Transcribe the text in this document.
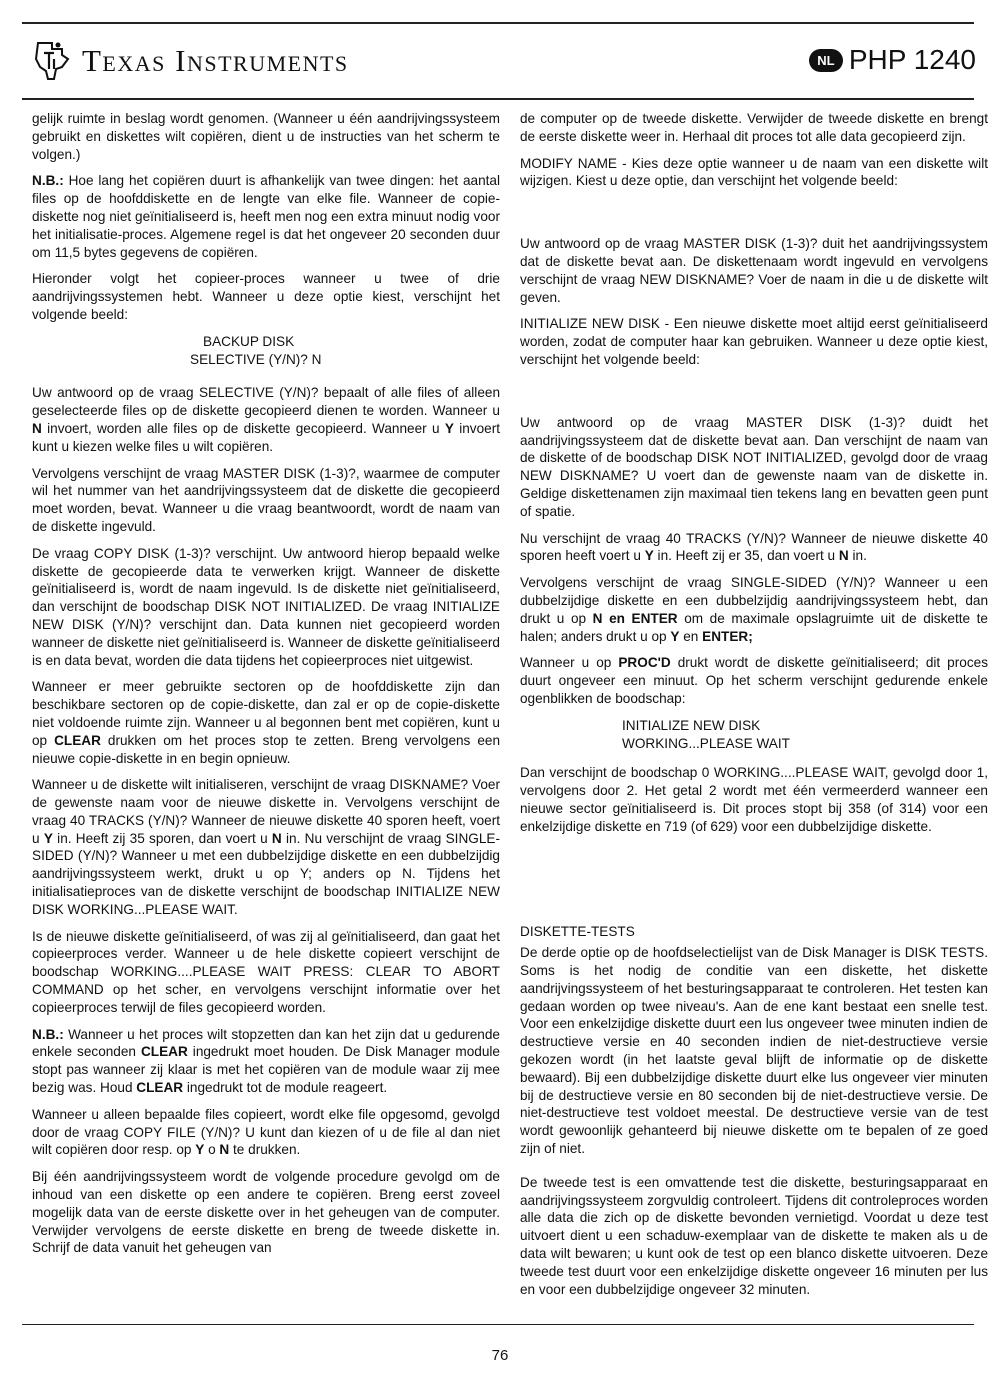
Texas Instruments	NL PHP 1240

gelijk ruimte in beslag wordt genomen. (Wanneer u één aandrijvingssysteem gebruikt en diskettes wilt copiëren, dient u de instructies van het scherm te volgen.)

N.B.: Hoe lang het copiëren duurt is afhankelijk van twee dingen: het aantal files op de hoofddiskette en de lengte van elke file. Wanneer de copie-diskette nog niet geïnitialiseerd is, heeft men nog een extra minuut nodig voor het initialisatie-proces. Algemene regel is dat het ongeveer 20 seconden duur om 11,5 bytes gegevens de copiëren.

Hieronder volgt het copieer-proces wanneer u twee of drie aandrijvingssystemen hebt. Wanneer u deze optie kiest, verschijnt het volgende beeld:

BACKUP DISK
SELECTIVE (Y/N)? N

Uw antwoord op de vraag SELECTIVE (Y/N)? bepaalt of alle files of alleen geselecteerde files op de diskette gecopieerd dienen te worden. Wanneer u N invoert, worden alle files op de diskette gecopieerd. Wanneer u Y invoert kunt u kiezen welke files u wilt copiëren.

Vervolgens verschijnt de vraag MASTER DISK (1-3)?, waarmee de computer wil het nummer van het aandrijvingssysteem dat de diskette die gecopieerd moet worden, bevat. Wanneer u die vraag beantwoordt, wordt de naam van de diskette ingevuld.

De vraag COPY DISK (1-3)? verschijnt. Uw antwoord hierop bepaald welke diskette de gecopieerde data te verwerken krijgt. Wanneer de diskette geïnitialiseerd is, wordt de naam ingevuld. Is de diskette niet geïnitialiseerd, dan verschijnt de boodschap DISK NOT INITIALIZED. De vraag INITIALIZE NEW DISK (Y/N)? verschijnt dan. Data kunnen niet gecopieerd worden wanneer de diskette niet geïnitialiseerd is. Wanneer de diskette geïnitialiseerd is en data bevat, worden die data tijdens het copieerproces niet uitgewist.

Wanneer er meer gebruikte sectoren op de hoofddiskette zijn dan beschikbare sectoren op de copie-diskette, dan zal er op de copie-diskette niet voldoende ruimte zijn. Wanneer u al begonnen bent met copiëren, kunt u op CLEAR drukken om het proces stop te zetten. Breng vervolgens een nieuwe copie-diskette in en begin opnieuw.

Wanneer u de diskette wilt initialiseren, verschijnt de vraag DISKNAME? Voer de gewenste naam voor de nieuwe diskette in. Vervolgens verschijnt de vraag 40 TRACKS (Y/N)? Wanneer de nieuwe diskette 40 sporen heeft, voert u Y in. Heeft zij 35 sporen, dan voert u N in. Nu verschijnt de vraag SINGLE-SIDED (Y/N)? Wanneer u met een dubbelzijdige diskette en een dubbelzijdig aandrijvingssysteem werkt, drukt u op Y; anders op N. Tijdens het initialisatieproces van de diskette verschijnt de boodschap INITIALIZE NEW DISK WORKING...PLEASE WAIT.

Is de nieuwe diskette geïnitialiseerd, of was zij al geïnitialiseerd, dan gaat het copieerproces verder. Wanneer u de hele diskette copieert verschijnt de boodschap WORKING....PLEASE WAIT PRESS: CLEAR TO ABORT COMMAND op het scher, en vervolgens verschijnt informatie over het copieerproces terwijl de files gecopieerd worden.

N.B.: Wanneer u het proces wilt stopzetten dan kan het zijn dat u gedurende enkele seconden CLEAR ingedrukt moet houden. De Disk Manager module stopt pas wanneer zij klaar is met het copiëren van de module waar zij mee bezig was. Houd CLEAR ingedrukt tot de module reageert.

Wanneer u alleen bepaalde files copieert, wordt elke file opgesomd, gevolgd door de vraag COPY FILE (Y/N)? U kunt dan kiezen of u de file al dan niet wilt copiëren door resp. op Y o N te drukken.

Bij één aandrijvingssysteem wordt de volgende procedure gevolgd om de inhoud van een diskette op een andere te copiëren. Breng eerst zoveel mogelijk data van de eerste diskette over in het geheugen van de computer. Verwijder vervolgens de eerste diskette en breng de tweede diskette in. Schrijf de data vanuit het geheugen van

de computer op de tweede diskette. Verwijder de tweede diskette en brengt de eerste diskette weer in. Herhaal dit proces tot alle data gecopieerd zijn.

MODIFY NAME - Kies deze optie wanneer u de naam van een diskette wilt wijzigen. Kiest u deze optie, dan verschijnt het volgende beeld:

Uw antwoord op de vraag MASTER DISK (1-3)? duit het aandrijvingssystem dat de diskette bevat aan. De diskettenaam wordt ingevuld en vervolgens verschijnt de vraag NEW DISKNAME? Voer de naam in die u de diskette wilt geven.

INITIALIZE NEW DISK - Een nieuwe diskette moet altijd eerst geïnitialiseerd worden, zodat de computer haar kan gebruiken. Wanneer u deze optie kiest, verschijnt het volgende beeld:

Uw antwoord op de vraag MASTER DISK (1-3)? duidt het aandrijvingssysteem dat de diskette bevat aan. Dan verschijnt de naam van de diskette of de boodschap DISK NOT INITIALIZED, gevolgd door de vraag NEW DISKNAME? U voert dan de gewenste naam van de diskette in. Geldige diskettenamen zijn maximaal tien tekens lang en bevatten geen punt of spatie.

Nu verschijnt de vraag 40 TRACKS (Y/N)? Wanneer de nieuwe diskette 40 sporen heeft voert u Y in. Heeft zij er 35, dan voert u N in.

Vervolgens verschijnt de vraag SINGLE-SIDED (Y/N)? Wanneer u een dubbelzijdige diskette en een dubbelzijdig aandrijvingssysteem hebt, dan drukt u op N en ENTER om de maximale opslagruimte uit de diskette te halen; anders drukt u op Y en ENTER;

Wanneer u op PROC'D drukt wordt de diskette geïnitialiseerd; dit proces duurt ongeveer een minuut. Op het scherm verschijnt gedurende enkele ogenblikken de boodschap:

INITIALIZE NEW DISK
WORKING...PLEASE WAIT

Dan verschijnt de boodschap 0 WORKING....PLEASE WAIT, gevolgd door 1, vervolgens door 2. Het getal 2 wordt met één vermeerderd wanneer een nieuwe sector geïnitialiseerd is. Dit proces stopt bij 358 (of 314) voor een enkelzijdige diskette en 719 (of 629) voor een dubbelzijdige diskette.

DISKETTE-TESTS

De derde optie op de hoofdselectielijst van de Disk Manager is DISK TESTS. Soms is het nodig de conditie van een diskette, het diskette aandrijvingssysteem of het besturingsapparaat te controleren. Het testen kan gedaan worden op twee niveau's. Aan de ene kant bestaat een snelle test. Voor een enkelzijdige diskette duurt een lus ongeveer twee minuten indien de destructieve versie en 40 seconden indien de niet-destructieve versie gekozen wordt (in het laatste geval blijft de informatie op de diskette bewaard). Bij een dubbelzijdige diskette duurt elke lus ongeveer vier minuten bij de destructieve versie en 80 seconden bij de niet-destructieve versie. De niet-destructieve test voldoet meestal. De destructieve versie van de test wordt gewoonlijk gehanteerd bij nieuwe diskette om te bepalen of ze goed zijn of niet.

De tweede test is een omvattende test die diskette, besturingsapparaat en aandrijvingssysteem zorgvuldig controleert. Tijdens dit controleproces worden alle data die zich op de diskette bevonden vernietigd. Voordat u deze test uitvoert dient u een schaduw-exemplaar van de diskette te maken als u de data wilt bewaren; u kunt ook de test op een blanco diskette uitvoeren. Deze tweede test duurt voor een enkelzijdige diskette ongeveer 16 minuten per lus en voor een dubbelzijdige ongeveer 32 minuten.

76
